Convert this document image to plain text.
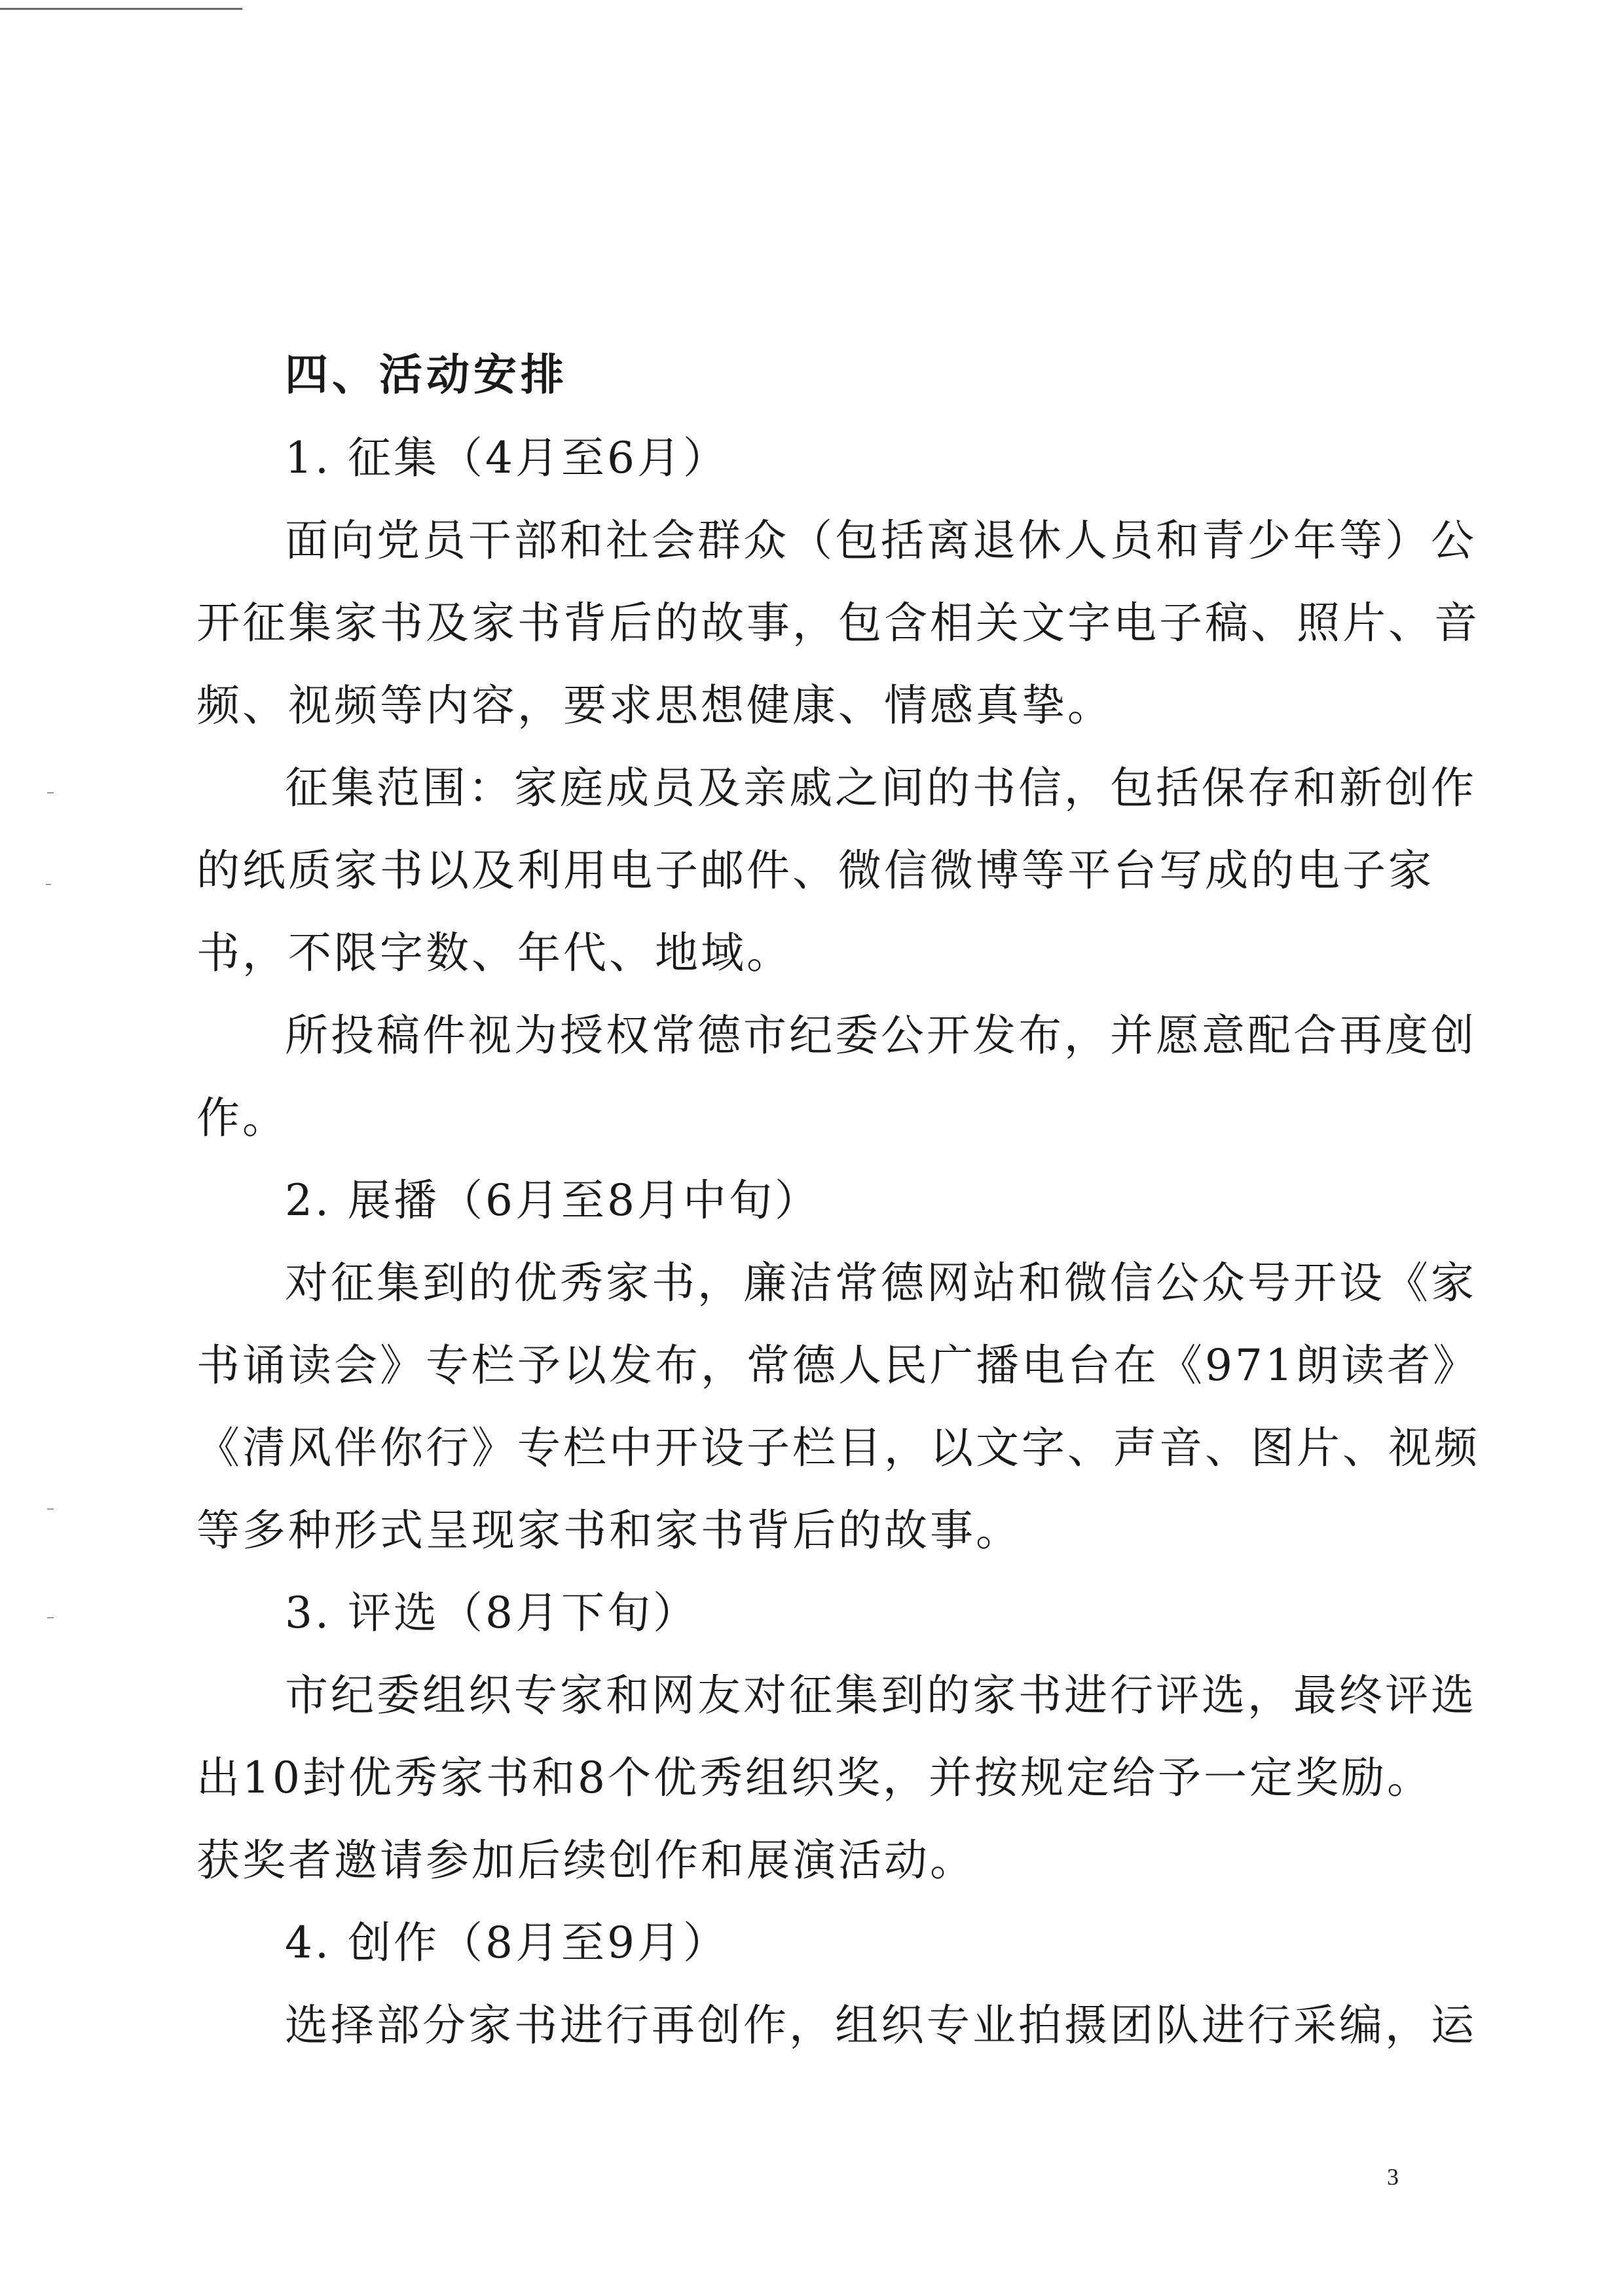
四、活动安排
1. 征集（4月至6月）
面向党员干部和社会群众（包括离退休人员和青少年等）公
开征集家书及家书背后的故事，包含相关文字电子稿、照片、音
频、视频等内容，要求思想健康、情感真挚。
征集范围：家庭成员及亲戚之间的书信，包括保存和新创作
的纸质家书以及利用电子邮件、微信微博等平台写成的电子家
书，不限字数、年代、地域。
所投稿件视为授权常德市纪委公开发布，并愿意配合再度创
作。
2. 展播（6月至8月中旬）
对征集到的优秀家书，廉洁常德网站和微信公众号开设《家
书诵读会》专栏予以发布，常德人民广播电台在《971朗读者》
《清风伴你行》专栏中开设子栏目，以文字、声音、图片、视频
等多种形式呈现家书和家书背后的故事。
3. 评选（8月下旬）
市纪委组织专家和网友对征集到的家书进行评选，最终评选
出10封优秀家书和8个优秀组织奖，并按规定给予一定奖励。
获奖者邀请参加后续创作和展演活动。
4. 创作（8月至9月）
选择部分家书进行再创作，组织专业拍摄团队进行采编，运
3
